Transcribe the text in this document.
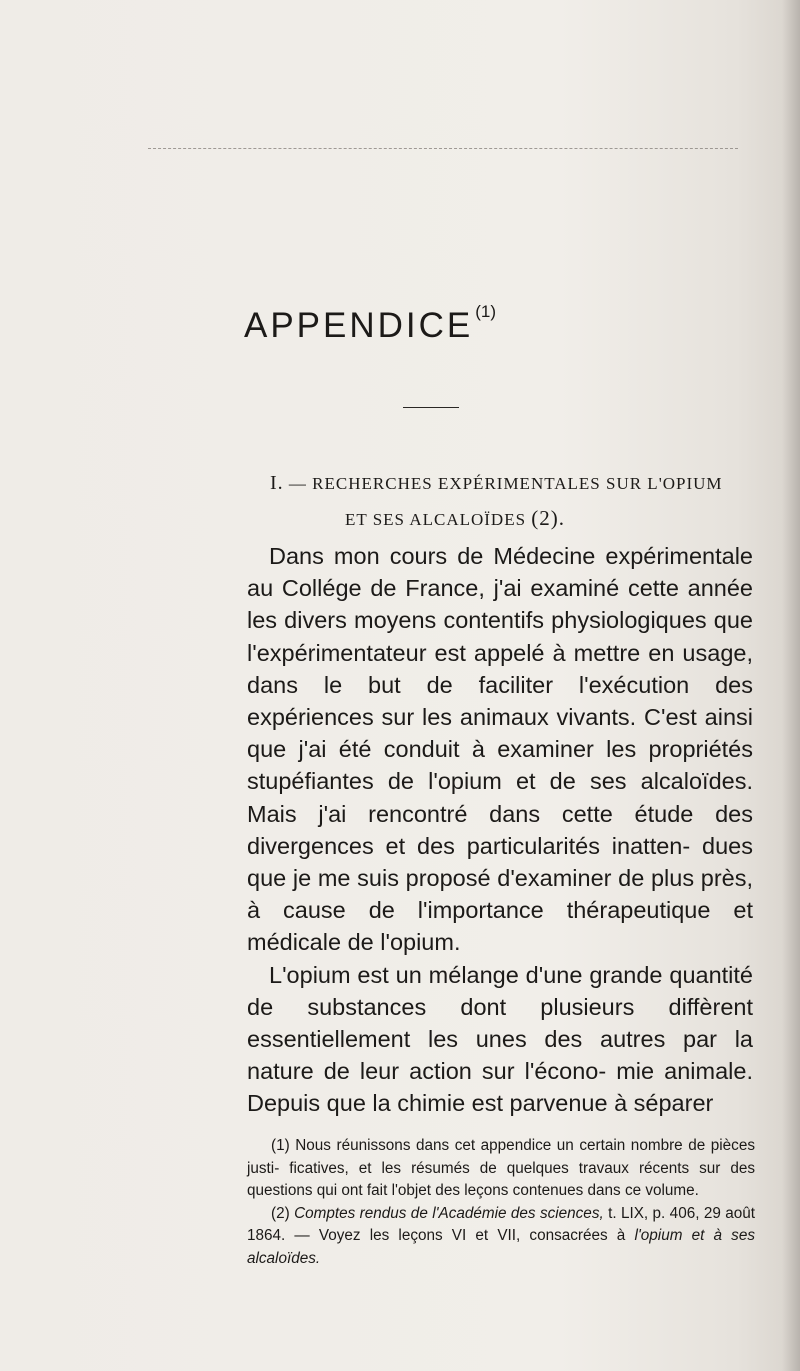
APPENDICE $^{(1)}$
I. — RECHERCHES EXPÉRIMENTALES SUR L'OPIUM
ET SES ALCALOÏDES (2).

Dans mon cours de Médecine expérimentale au Collége de France, j'ai examiné cette année les divers moyens contentifs physiologiques que l'expérimentateur est appelé à mettre en usage, dans le but de faciliter l'exécution des expériences sur les animaux vivants. C'est ainsi que j'ai été conduit à examiner les propriétés stupéfiantes de l'opium et de ses alcaloïdes. Mais j'ai rencontré dans cette étude des divergences et des particularités inatten- dues que je me suis proposé d'examiner de plus près, à cause de l'importance thérapeutique et médicale de l'opium.

L'opium est un mélange d'une grande quantité de substances dont plusieurs diffèrent essentiellement les unes des autres par la nature de leur action sur l'écono- mie animale. Depuis que la chimie est parvenue à séparer

(1) Nous réunissons dans cet appendice un certain nombre de pièces justi- ficatives, et les résumés de quelques travaux récents sur des questions qui ont fait l'objet des leçons contenues dans ce volume.

(2) Comptes rendus de l'Académie des sciences, t. LIX, p. 406, 29 août 1864. — Voyez les leçons VI et VII, consacrées à l'opium et à ses alcaloïdes.
